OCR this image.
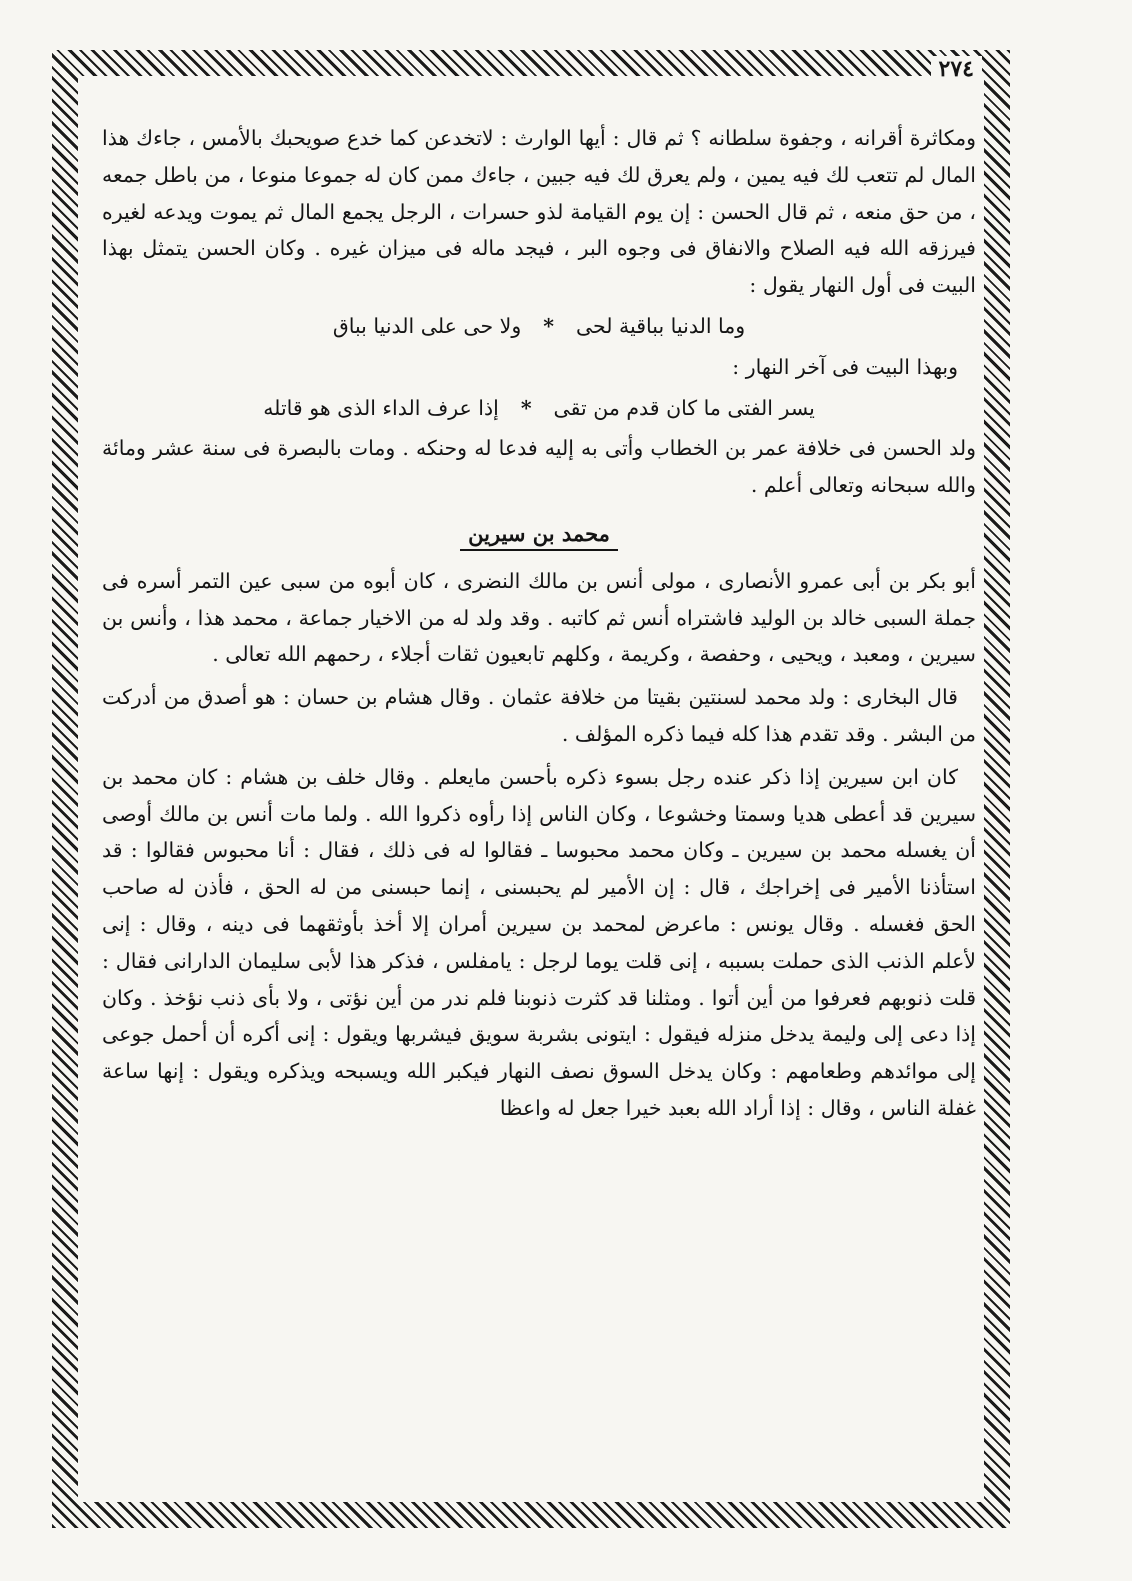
٢٧٤

ومكاثرة أقرانه ، وجفوة سلطانه ؟ ثم قال : أيها الوارث : لاتخدعن كما خدع صويحبك بالأمس ، جاءك هذا المال لم تتعب لك فيه يمين ، ولم يعرق لك فيه جبين ، جاءك ممن كان له جموعا منوعا ، من باطل جمعه ، من حق منعه ، ثم قال الحسن : إن يوم القيامة لذو حسرات ، الرجل يجمع المال ثم يموت ويدعه لغيره فيرزقه الله فيه الصلاح والانفاق فى وجوه البر ، فيجد ماله فى ميزان غيره . وكان الحسن يتمثل بهذا البيت فى أول النهار يقول :

وما الدنيا بباقية لحى
*
ولا حى على الدنيا بباق

وبهذا البيت فى آخر النهار :

يسر الفتى ما كان قدم من تقى
*
إذا عرف الداء الذى هو قاتله

ولد الحسن فى خلافة عمر بن الخطاب وأتى به إليه فدعا له وحنكه . ومات بالبصرة فى سنة عشر ومائة والله سبحانه وتعالى أعلم .

محمد بن سيرين

أبو بكر بن أبى عمرو الأنصارى ، مولى أنس بن مالك النضرى ، كان أبوه من سبى عين التمر أسره فى جملة السبى خالد بن الوليد فاشتراه أنس ثم كاتبه . وقد ولد له من الاخيار جماعة ، محمد هذا ، وأنس بن سيرين ، ومعبد ، ويحيى ، وحفصة ، وكريمة ، وكلهم تابعيون ثقات أجلاء ، رحمهم الله تعالى .

قال البخارى : ولد محمد لسنتين بقيتا من خلافة عثمان . وقال هشام بن حسان : هو أصدق من أدركت من البشر . وقد تقدم هذا كله فيما ذكره المؤلف .

كان ابن سيرين إذا ذكر عنده رجل بسوء ذكره بأحسن مايعلم . وقال خلف بن هشام : كان محمد بن سيرين قد أعطى هديا وسمتا وخشوعا ، وكان الناس إذا رأوه ذكروا الله . ولما مات أنس بن مالك أوصى أن يغسله محمد بن سيرين ـ وكان محمد محبوسا ـ فقالوا له فى ذلك ، فقال : أنا محبوس فقالوا : قد استأذنا الأمير فى إخراجك ، قال : إن الأمير لم يحبسنى ، إنما حبسنى من له الحق ، فأذن له صاحب الحق فغسله . وقال يونس : ماعرض لمحمد بن سيرين أمران إلا أخذ بأوثقهما فى دينه ، وقال : إنى لأعلم الذنب الذى حملت بسببه ، إنى قلت يوما لرجل : يامفلس ، فذكر هذا لأبى سليمان الدارانى فقال : قلت ذنوبهم فعرفوا من أين أتوا . ومثلنا قد كثرت ذنوبنا فلم ندر من أين نؤتى ، ولا بأى ذنب نؤخذ . وكان إذا دعى إلى وليمة يدخل منزله فيقول : ايتونى بشربة سويق فيشربها ويقول : إنى أكره أن أحمل جوعى إلى موائدهم وطعامهم : وكان يدخل السوق نصف النهار فيكبر الله ويسبحه ويذكره ويقول : إنها ساعة غفلة الناس ، وقال : إذا أراد الله بعبد خيرا جعل له واعظا
